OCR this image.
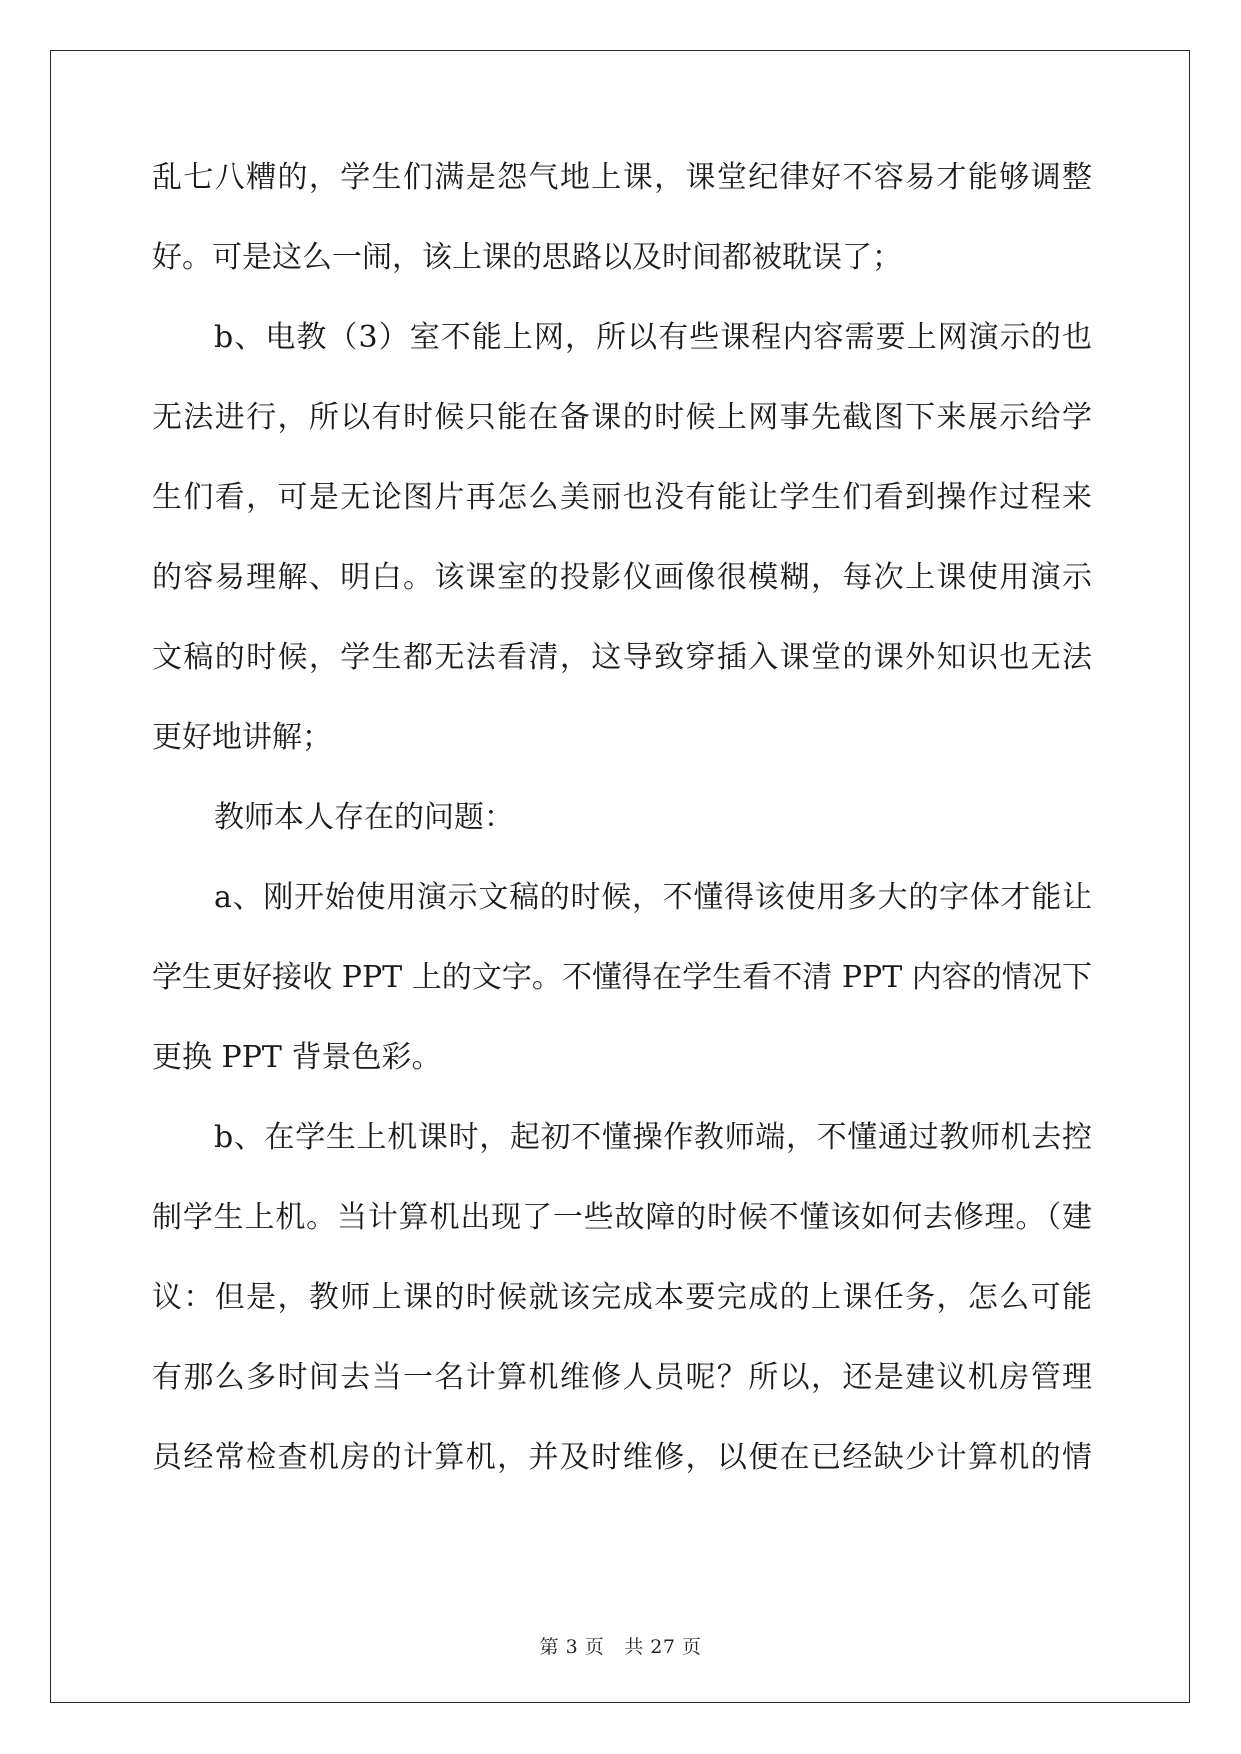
乱七八糟的，学生们满是怨气地上课，课堂纪律好不容易才能够调整
好。可是这么一闹，该上课的思路以及时间都被耽误了；
b、电教（3）室不能上网，所以有些课程内容需要上网演示的也
无法进行，所以有时候只能在备课的时候上网事先截图下来展示给学
生们看，可是无论图片再怎么美丽也没有能让学生们看到操作过程来
的容易理解、明白。该课室的投影仪画像很模糊，每次上课使用演示
文稿的时候，学生都无法看清，这导致穿插入课堂的课外知识也无法
更好地讲解；
教师本人存在的问题：
a、刚开始使用演示文稿的时候，不懂得该使用多大的字体才能让
学生更好接收 PPT 上的文字。不懂得在学生看不清 PPT 内容的情况下
更换 PPT 背景色彩。
b、在学生上机课时，起初不懂操作教师端，不懂通过教师机去控
制学生上机。当计算机出现了一些故障的时候不懂该如何去修理。（建
议：但是，教师上课的时候就该完成本要完成的上课任务，怎么可能
有那么多时间去当一名计算机维修人员呢？所以，还是建议机房管理
员经常检查机房的计算机，并及时维修，以便在已经缺少计算机的情
第 3 页 共 27 页
